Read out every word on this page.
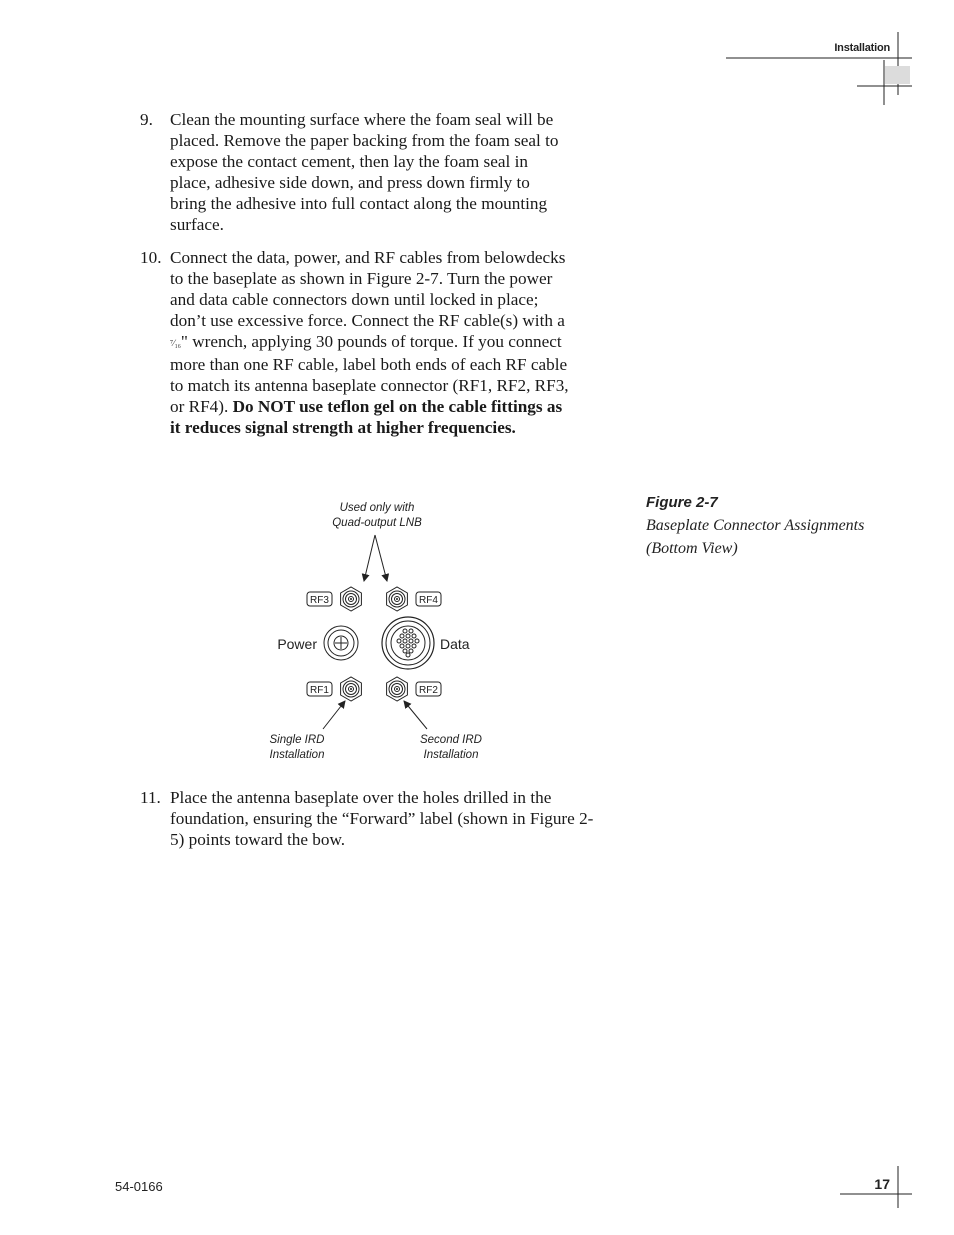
Installation
9. Clean the mounting surface where the foam seal will be placed. Remove the paper backing from the foam seal to expose the contact cement, then lay the foam seal in place, adhesive side down, and press down firmly to bring the adhesive into full contact along the mounting surface.
10. Connect the data, power, and RF cables from belowdecks to the baseplate as shown in Figure 2-7. Turn the power and data cable connectors down until locked in place; don’t use excessive force. Connect the RF cable(s) with a ⁷⁄₁₆" wrench, applying 30 pounds of torque. If you connect more than one RF cable, label both ends of each RF cable to match its antenna baseplate connector (RF1, RF2, RF3, or RF4). Do NOT use teflon gel on the cable fittings as it reduces signal strength at higher frequencies.
Used only with
Quad-output LNB
RF3	RF4
Power	Data
RF1	RF2
Single IRD
Installation
Second IRD
Installation
Figure 2-7
Baseplate Connector Assignments
(Bottom View)
11. Place the antenna baseplate over the holes drilled in the foundation, ensuring the “Forward” label (shown in Figure 2-5) points toward the bow.
54-0166	17
